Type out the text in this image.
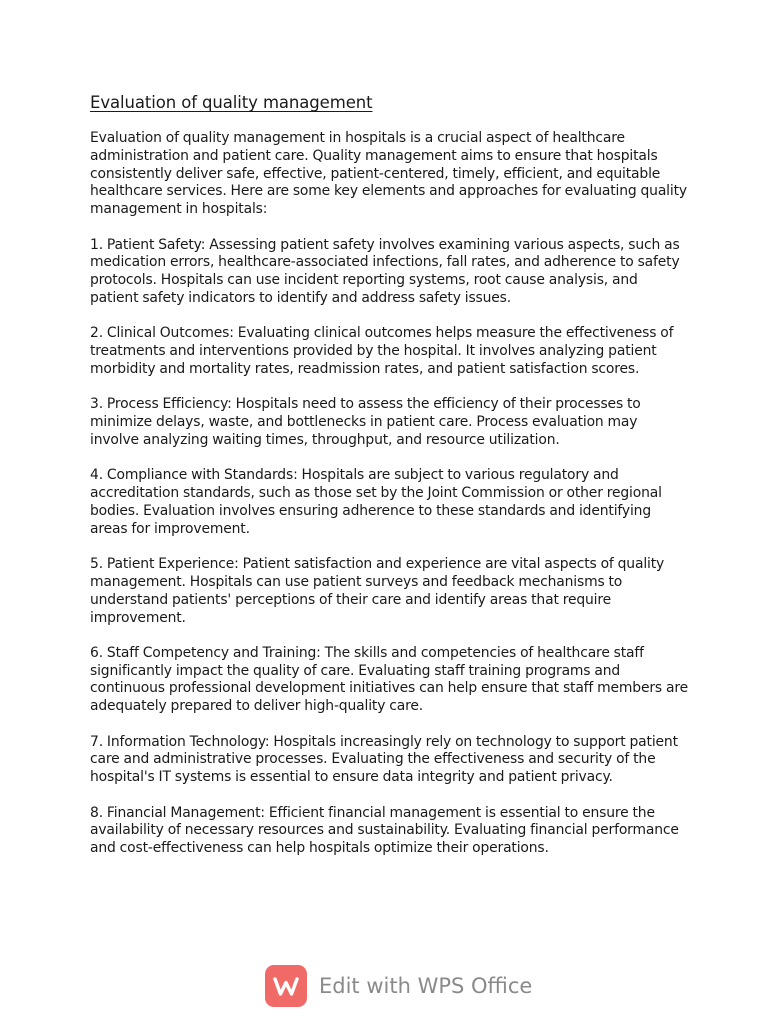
Evaluation of quality management

Evaluation of quality management in hospitals is a crucial aspect of healthcare administration and patient care. Quality management aims to ensure that hospitals consistently deliver safe, effective, patient-centered, timely, efficient, and equitable healthcare services. Here are some key elements and approaches for evaluating quality management in hospitals:

1. Patient Safety: Assessing patient safety involves examining various aspects, such as medication errors, healthcare-associated infections, fall rates, and adherence to safety protocols. Hospitals can use incident reporting systems, root cause analysis, and patient safety indicators to identify and address safety issues.

2. Clinical Outcomes: Evaluating clinical outcomes helps measure the effectiveness of treatments and interventions provided by the hospital. It involves analyzing patient morbidity and mortality rates, readmission rates, and patient satisfaction scores.

3. Process Efficiency: Hospitals need to assess the efficiency of their processes to minimize delays, waste, and bottlenecks in patient care. Process evaluation may involve analyzing waiting times, throughput, and resource utilization.

4. Compliance with Standards: Hospitals are subject to various regulatory and accreditation standards, such as those set by the Joint Commission or other regional bodies. Evaluation involves ensuring adherence to these standards and identifying areas for improvement.

5. Patient Experience: Patient satisfaction and experience are vital aspects of quality management. Hospitals can use patient surveys and feedback mechanisms to understand patients' perceptions of their care and identify areas that require improvement.

6. Staff Competency and Training: The skills and competencies of healthcare staff significantly impact the quality of care. Evaluating staff training programs and continuous professional development initiatives can help ensure that staff members are adequately prepared to deliver high-quality care.

7. Information Technology: Hospitals increasingly rely on technology to support patient care and administrative processes. Evaluating the effectiveness and security of the hospital's IT systems is essential to ensure data integrity and patient privacy.

8. Financial Management: Efficient financial management is essential to ensure the availability of necessary resources and sustainability. Evaluating financial performance and cost-effectiveness can help hospitals optimize their operations.

Edit with WPS Office
